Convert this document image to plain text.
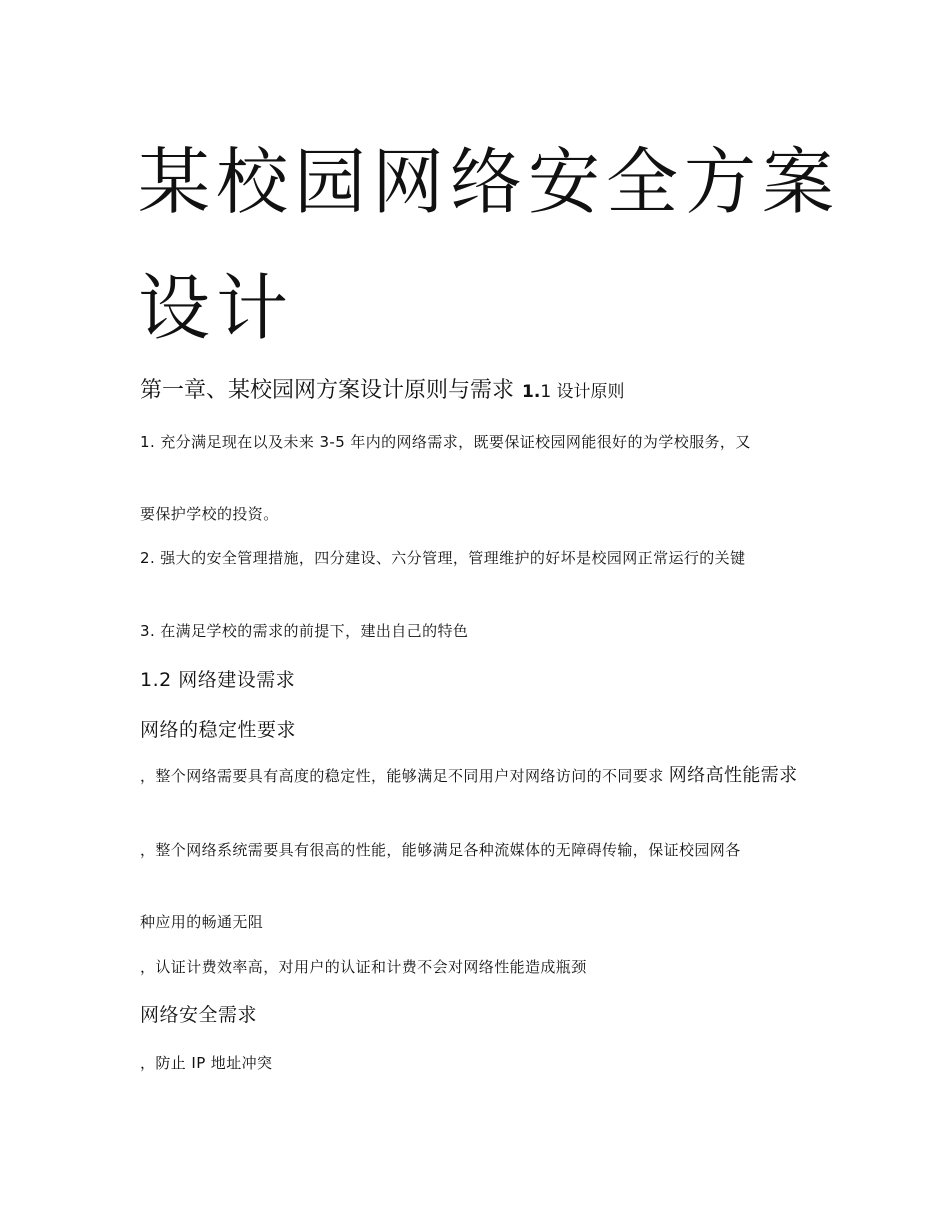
某校园网络安全方案
设计
第一章、某校园网方案设计原则与需求 1.1 设计原则

1. 充分满足现在以及未来 3-5 年内的网络需求，既要保证校园网能很好的为学校服务，又

要保护学校的投资。

2. 强大的安全管理措施，四分建设、六分管理，管理维护的好坏是校园网正常运行的关键

3. 在满足学校的需求的前提下，建出自己的特色

1.2 网络建设需求
网络的稳定性要求

，整个网络需要具有高度的稳定性，能够满足不同用户对网络访问的不同要求 网络高性能需求

，整个网络系统需要具有很高的性能，能够满足各种流媒体的无障碍传输，保证校园网各

种应用的畅通无阻

，认证计费效率高，对用户的认证和计费不会对网络性能造成瓶颈

网络安全需求

，防止 IP 地址冲突
